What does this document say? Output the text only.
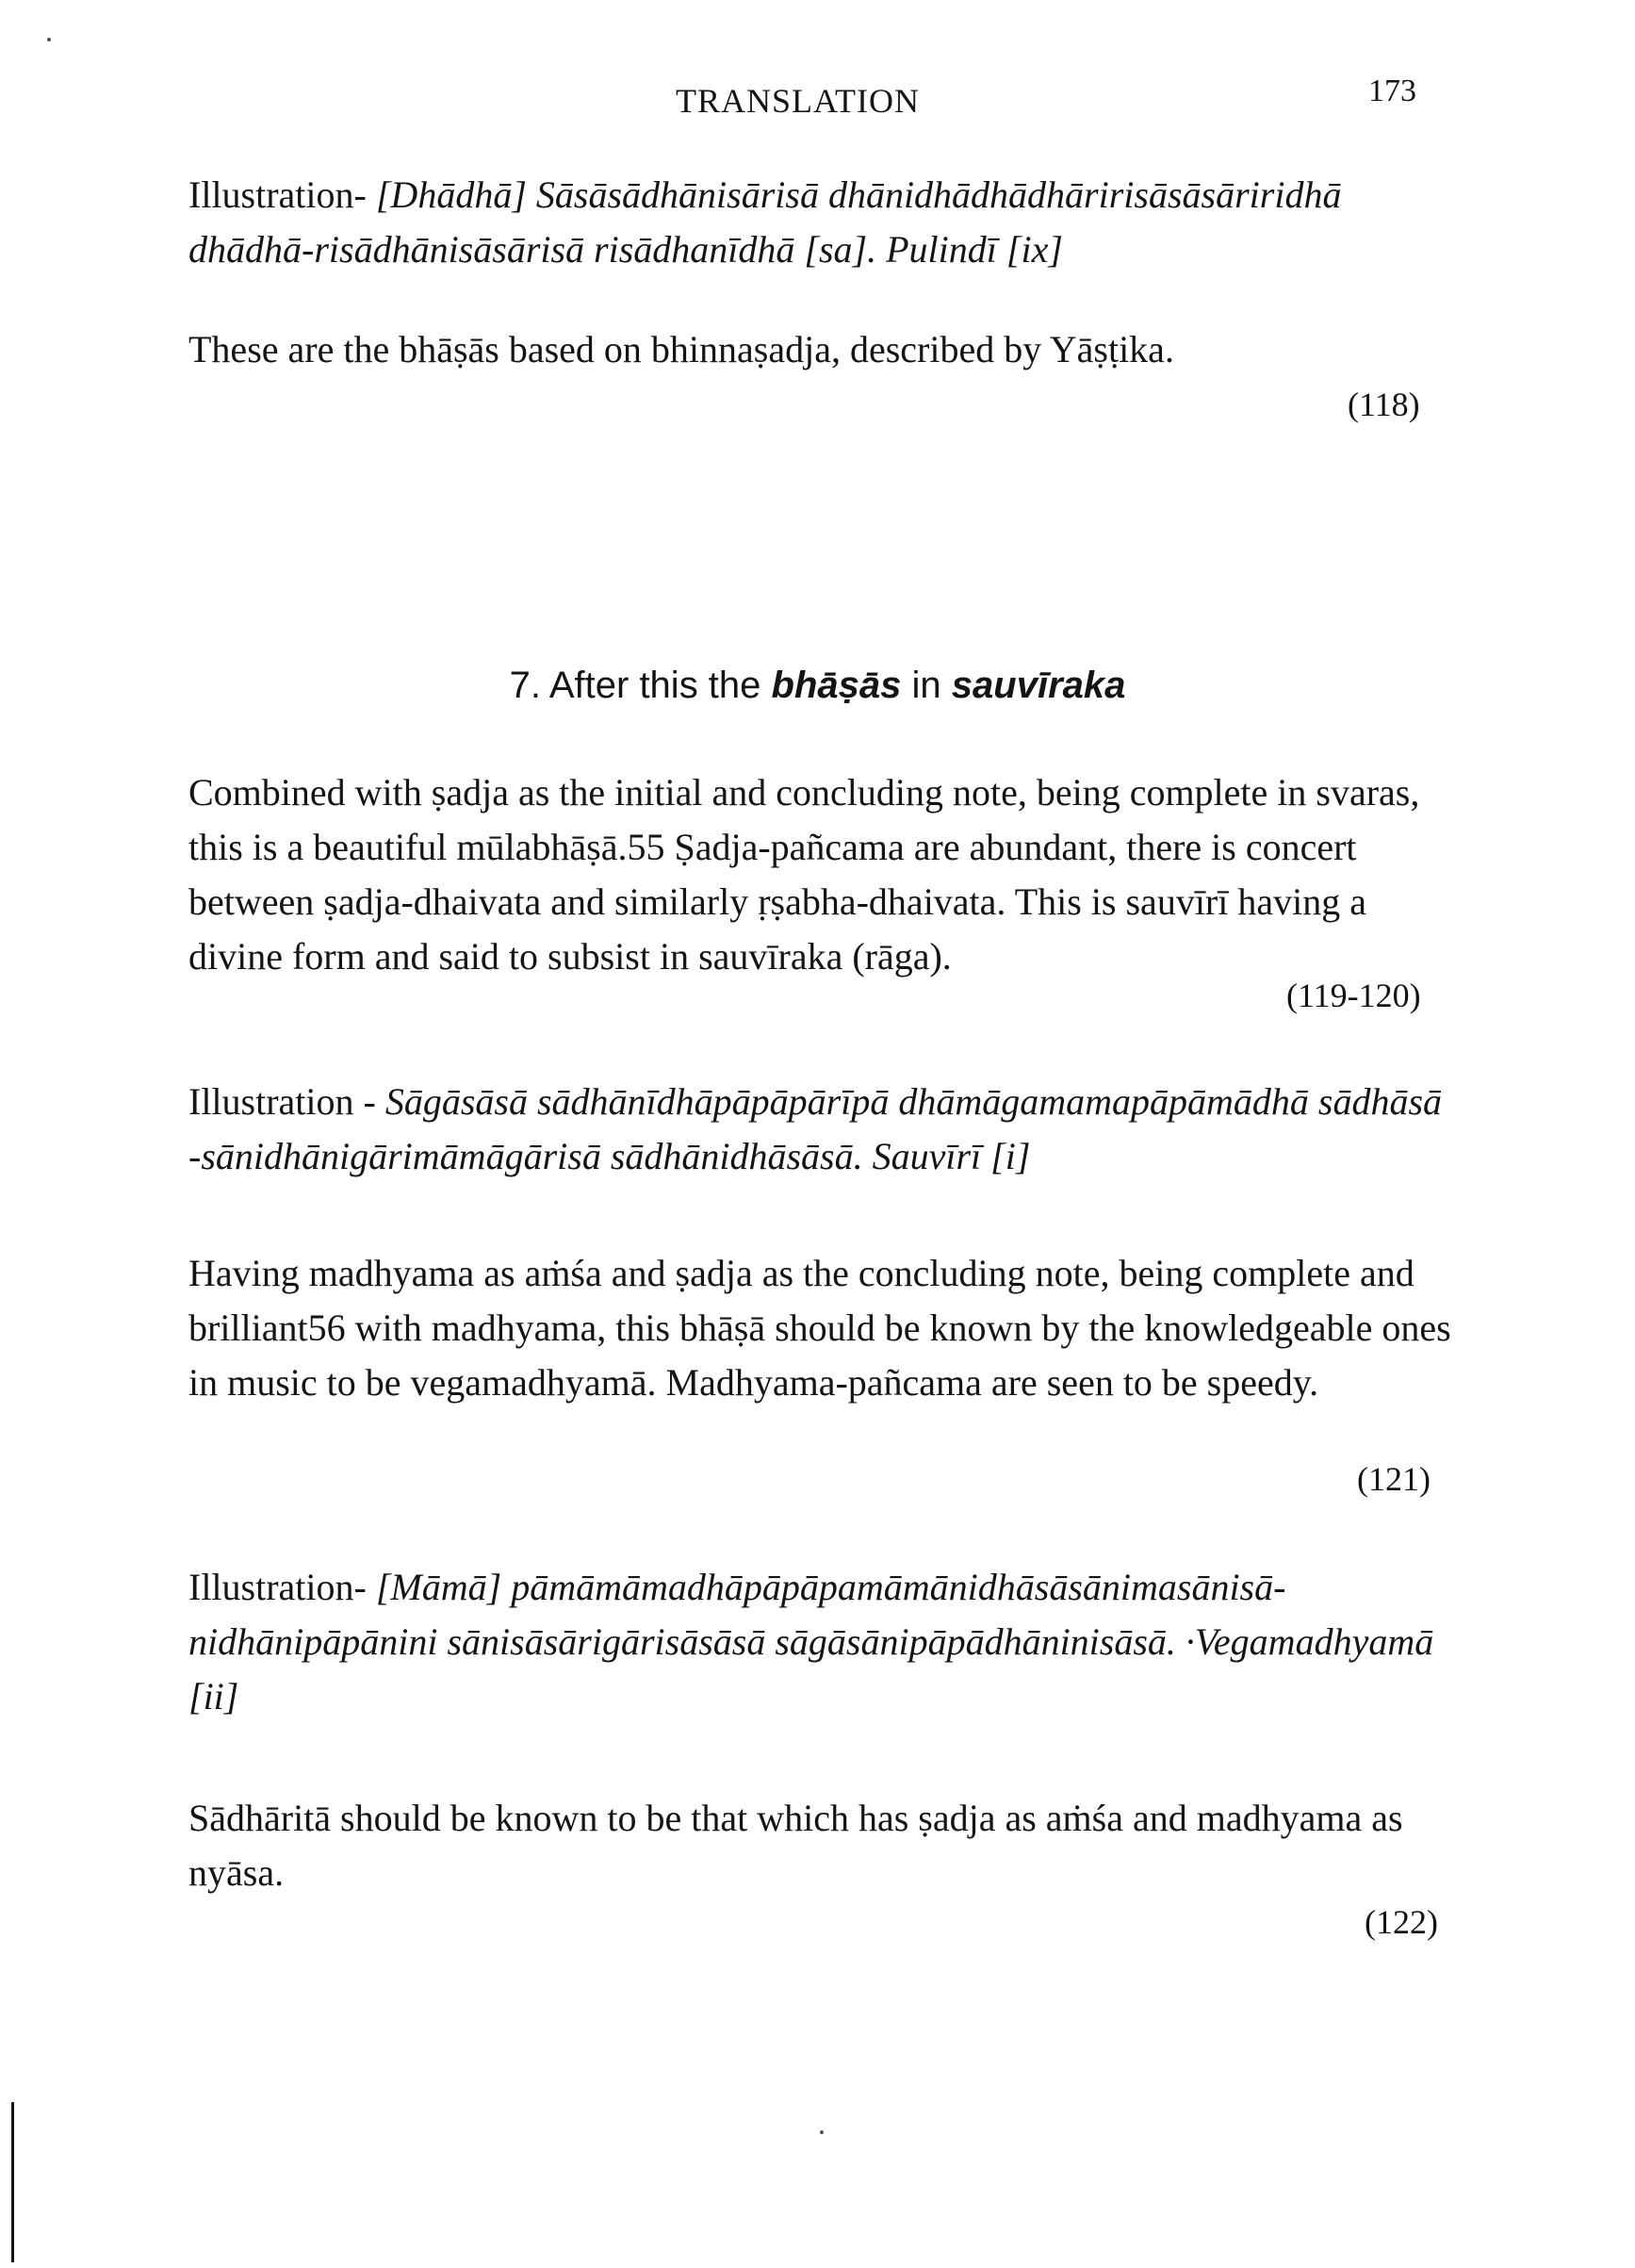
TRANSLATION	173

Illustration- [Dhādhā] Sāsāsādhānisārisā dhānidhādhādhāririsāsāsāriridhā dhādhā-risādhānisāsārisā risādhanīdhā [sa]. Pulindī [ix]

These are the bhāṣās based on bhinnaṣadja, described by Yāṣṭika.

(118)
7. After this the bhāṣās in sauvīraka

Combined with ṣadja as the initial and concluding note, being complete in svaras, this is a beautiful mūlabhāṣā.55 Ṣadja-pañcama are abundant, there is concert between ṣadja-dhaivata and similarly ṛṣabha-dhaivata. This is sauvīrī having a divine form and said to subsist in sauvīraka (rāga).

(119-120)

Illustration - Sāgāsāsā sādhānīdhāpāpāpārīpā dhāmāgamamapāpāmādhā sādhāsā -sānidhānigārimāmāgārisā sādhānidhāsāsā. Sauvīrī [i]

Having madhyama as aṁśa and ṣadja as the concluding note, being complete and brilliant56 with madhyama, this bhāṣā should be known by the knowledgeable ones in music to be vegamadhyamā. Madhyama-pañcama are seen to be speedy.

(121)

Illustration- [Māmā] pāmāmāmadhāpāpāpamāmānidhāsāsānimasānisā-nidhānipāpānini sānisāsārigārisāsāsā sāgāsānipāpādhāninisāsā. ·Vegamadhyamā [ii]

Sādhāritā should be known to be that which has ṣadja as aṁśa and madhyama as nyāsa.

(122)
